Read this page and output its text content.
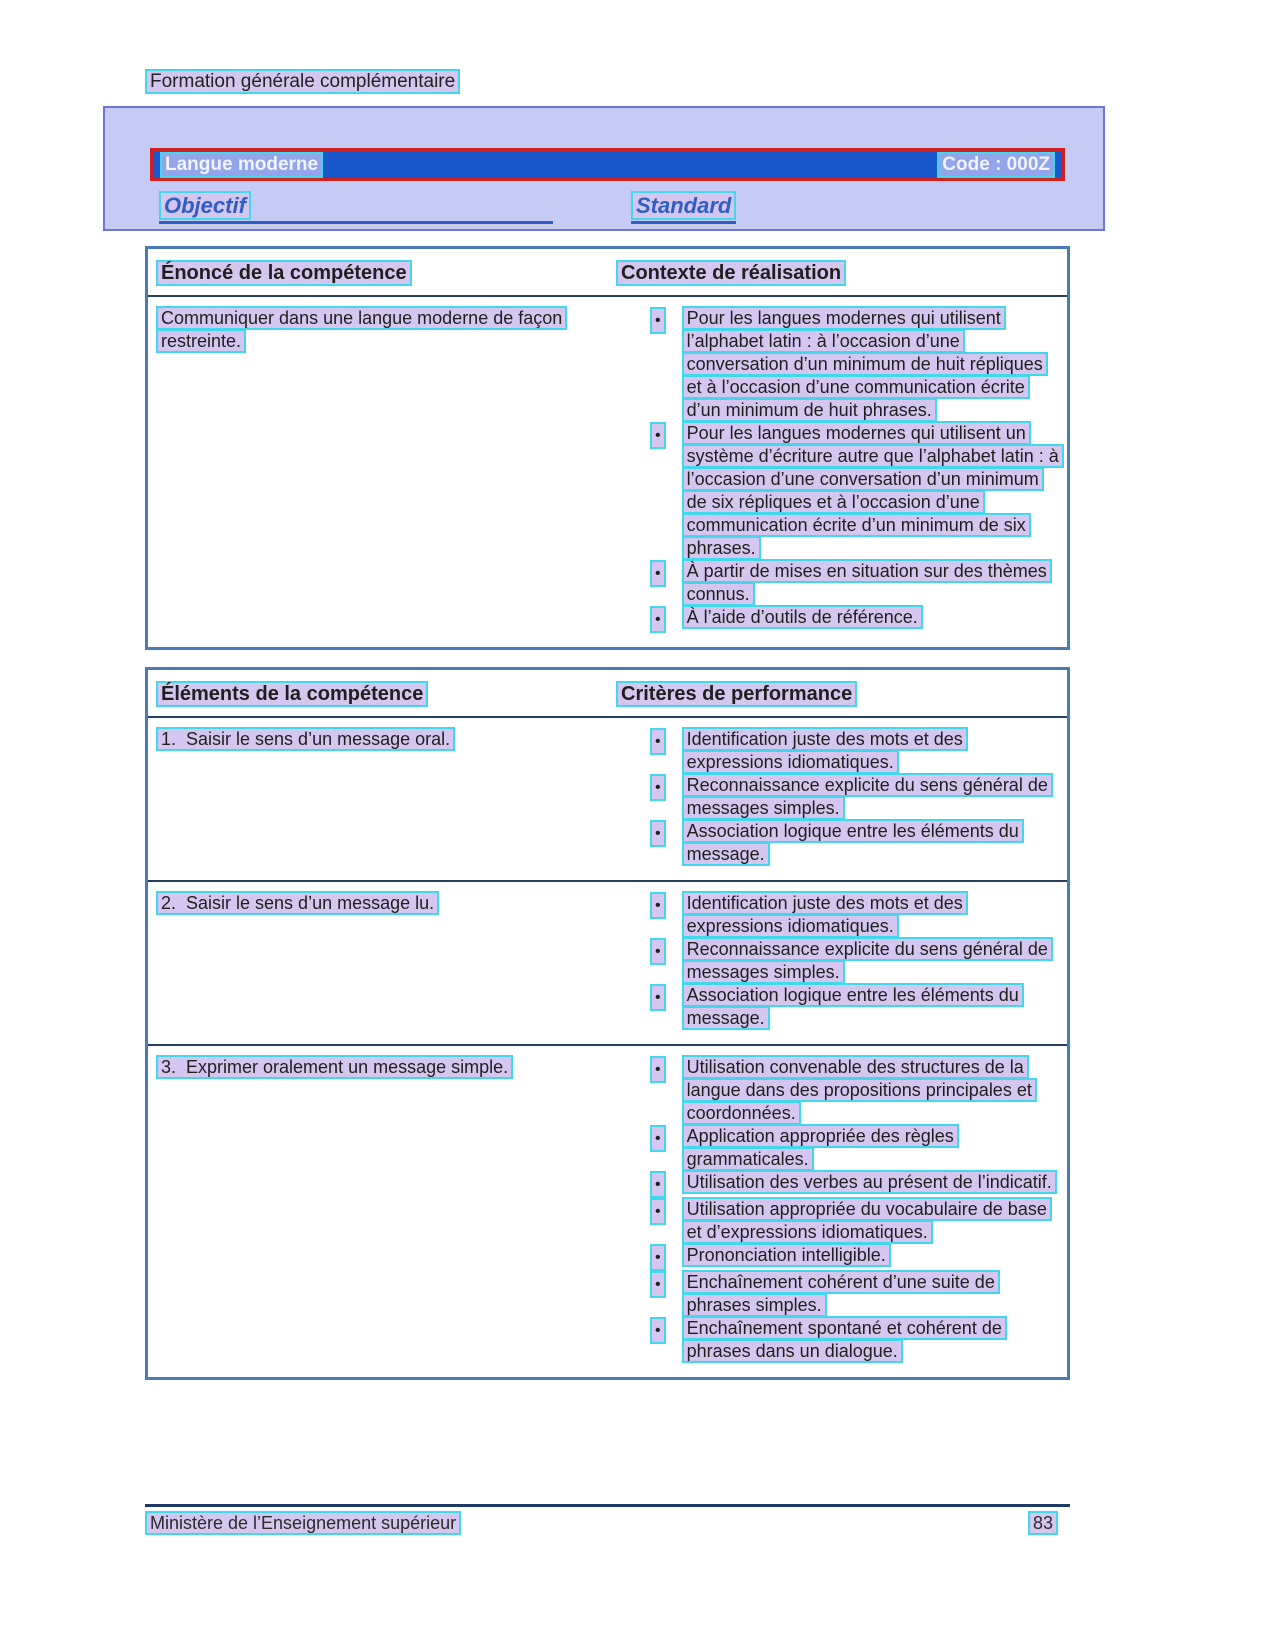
Formation générale complémentaire
Langue moderne	Code : 000Z
Objectif	Standard
Énoncé de la compétence	Contexte de réalisation
Communiquer dans une langue moderne de façon restreinte.
•
Pour les langues modernes qui utilisent l’alphabet latin : à l’occasion d’une conversation d’un minimum de huit répliques et à l’occasion d’une communication écrite d’un minimum de huit phrases.
•
Pour les langues modernes qui utilisent un système d’écriture autre que l’alphabet latin : à l’occasion d’une conversation d’un minimum de six répliques et à l’occasion d’une communication écrite d’un minimum de six phrases.
•
À partir de mises en situation sur des thèmes connus.
•
À l’aide d’outils de référence.
Éléments de la compétence	Critères de performance
1.  Saisir le sens d’un message oral. •	Identification juste des mots et des expressions idiomatiques.
•
Reconnaissance explicite du sens général de messages simples.
•
Association logique entre les éléments du message.
2.  Saisir le sens d’un message lu. •	Identification juste des mots et des expressions idiomatiques.
•
Reconnaissance explicite du sens général de messages simples.
•
Association logique entre les éléments du message.
3.  Exprimer oralement un message simple. •	Utilisation convenable des structures de la langue dans des propositions principales et coordonnées.
•
Application appropriée des règles grammaticales.
•
Utilisation des verbes au présent de l’indicatif.
•
Utilisation appropriée du vocabulaire de base et d’expressions idiomatiques.
•
Prononciation intelligible.
•
Enchaînement cohérent d’une suite de phrases simples.
•
Enchaînement spontané et cohérent de phrases dans un dialogue.
Ministère de l’Enseignement supérieur	83
